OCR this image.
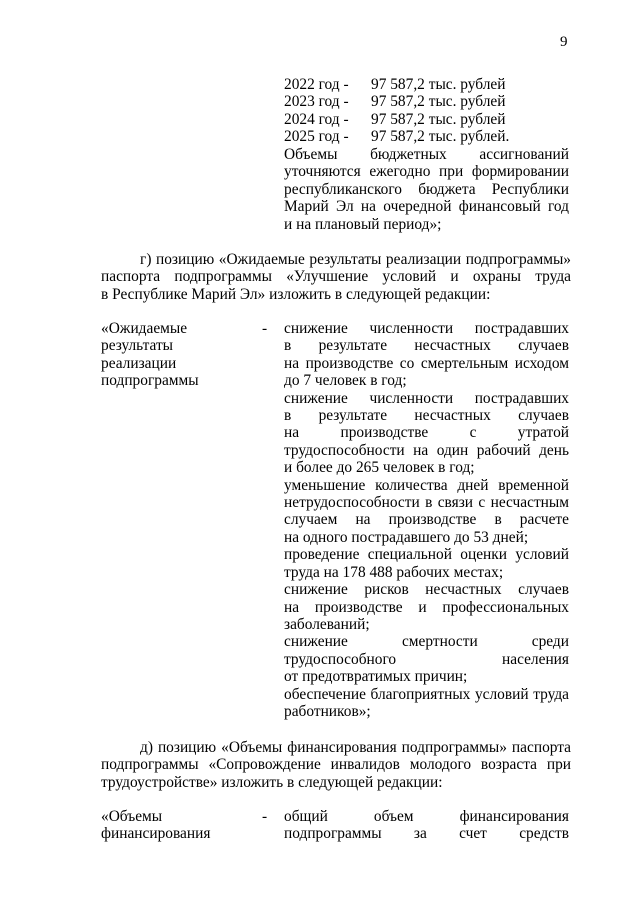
9
2022 год - 97 587,2 тыс. рублей
2023 год - 97 587,2 тыс. рублей
2024 год - 97 587,2 тыс. рублей
2025 год - 97 587,2 тыс. рублей.
Объемы бюджетных ассигнований
уточняются ежегодно при формировании
республиканского бюджета Республики
Марий Эл на очередной финансовый год
и на плановый период»;
г) позицию «Ожидаемые результаты реализации подпрограммы»
паспорта подпрограммы «Улучшение условий и охраны труда
в Республике Марий Эл» изложить в следующей редакции:
«Ожидаемые
результаты
реализации
подпрограммы
- снижение численности пострадавших
в результате несчастных случаев
на производстве со смертельным исходом
до 7 человек в год;
снижение численности пострадавших
в результате несчастных случаев
на производстве с утратой
трудоспособности на один рабочий день
и более до 265 человек в год;
уменьшение количества дней временной
нетрудоспособности в связи с несчастным
случаем на производстве в расчете
на одного пострадавшего до 53 дней;
проведение специальной оценки условий
труда на 178 488 рабочих местах;
снижение рисков несчастных случаев
на производстве и профессиональных
заболеваний;
снижение смертности среди
трудоспособного населения
от предотвратимых причин;
обеспечение благоприятных условий труда
работников»;
д) позицию «Объемы финансирования подпрограммы» паспорта
подпрограммы «Сопровождение инвалидов молодого возраста при
трудоустройстве» изложить в следующей редакции:
«Объемы
финансирования
- общий объем финансирования
подпрограммы за счет средств
